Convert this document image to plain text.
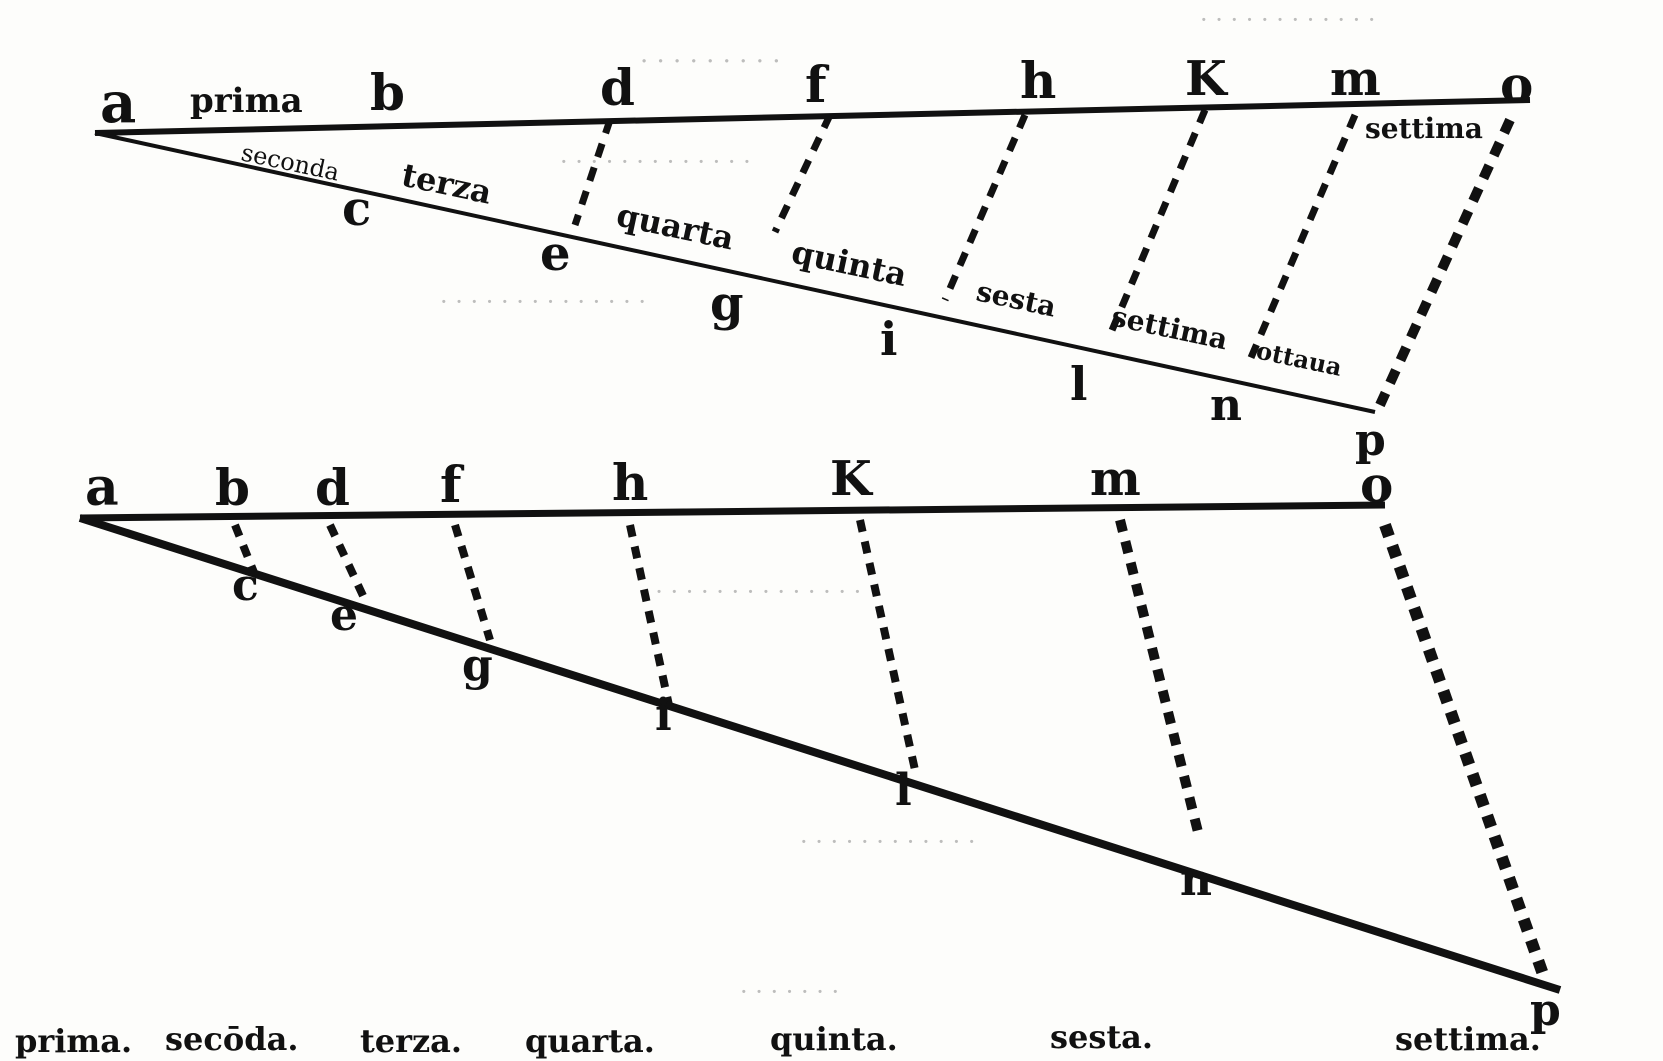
· · · · · · · · ·
· · · · · · · · · · · ·
· · · · · · · · · · · · ·
· · · · · · · · · · · · · ·
· · · · · · · · · · · · · · ·
· · · · · · · · · · · ·
· · · · · · ·
a	b	d	f	h	K m o
c
e
g
i
l	n
p
prima
settima
seconda terza
quarta
quinta
sesta
settima
ottaua
a b d f	h	K	m	o
c
e
g
i
l
n
p
prima. secōda. terza. quarta.	quinta.	sesta.	settima.
